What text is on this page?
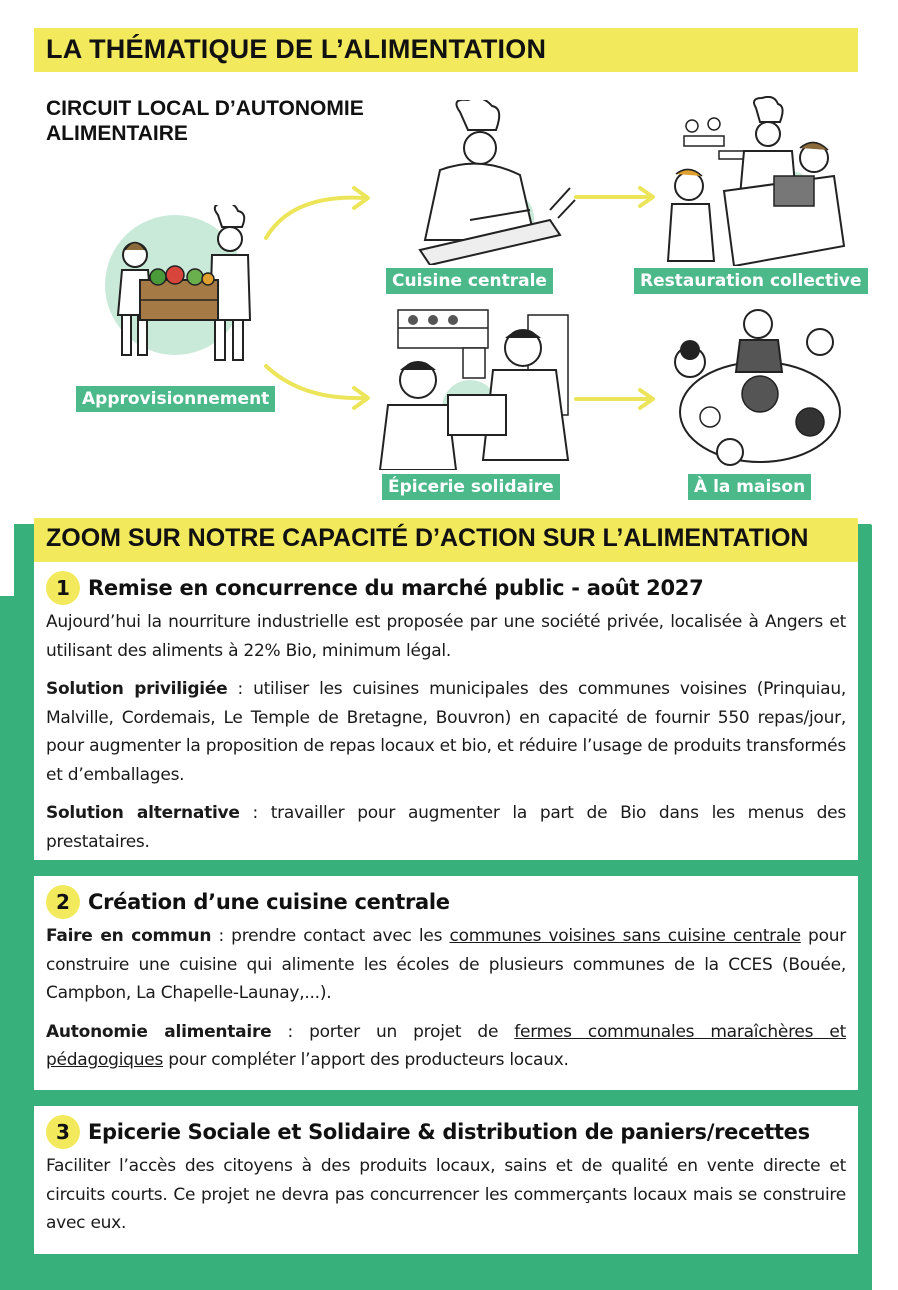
LA THÉMATIQUE DE L’ALIMENTATION
CIRCUIT LOCAL D’AUTONOMIE ALIMENTAIRE
Approvisionnement
Cuisine centrale	Restauration collective
Épicerie solidaire	À la maison
ZOOM SUR NOTRE CAPACITÉ D’ACTION SUR L’ALIMENTATION
1 Remise en concurrence du marché public - août 2027

Aujourd’hui la nourriture industrielle est proposée par une société privée, localisée à Angers et utilisant des aliments à 22% Bio, minimum légal.

Solution priviligiée : utiliser les cuisines municipales des communes voisines (Prinquiau, Malville, Cordemais, Le Temple de Bretagne, Bouvron) en capacité de fournir 550 repas/jour, pour augmenter la proposition de repas locaux et bio, et réduire l’usage de produits transformés et d’emballages.

Solution alternative : travailler pour augmenter la part de Bio dans les menus des prestataires.

2 Création d’une cuisine centrale

Faire en commun : prendre contact avec les communes voisines sans cuisine centrale pour construire une cuisine qui alimente les écoles de plusieurs communes de la CCES (Bouée, Campbon, La Chapelle-Launay,...).

Autonomie alimentaire : porter un projet de fermes communales maraîchères et pédagogiques pour compléter l’apport des producteurs locaux.

3 Epicerie Sociale et Solidaire & distribution de paniers/recettes

Faciliter l’accès des citoyens à des produits locaux, sains et de qualité en vente directe et circuits courts. Ce projet ne devra pas concurrencer les commerçants locaux mais se construire avec eux.
